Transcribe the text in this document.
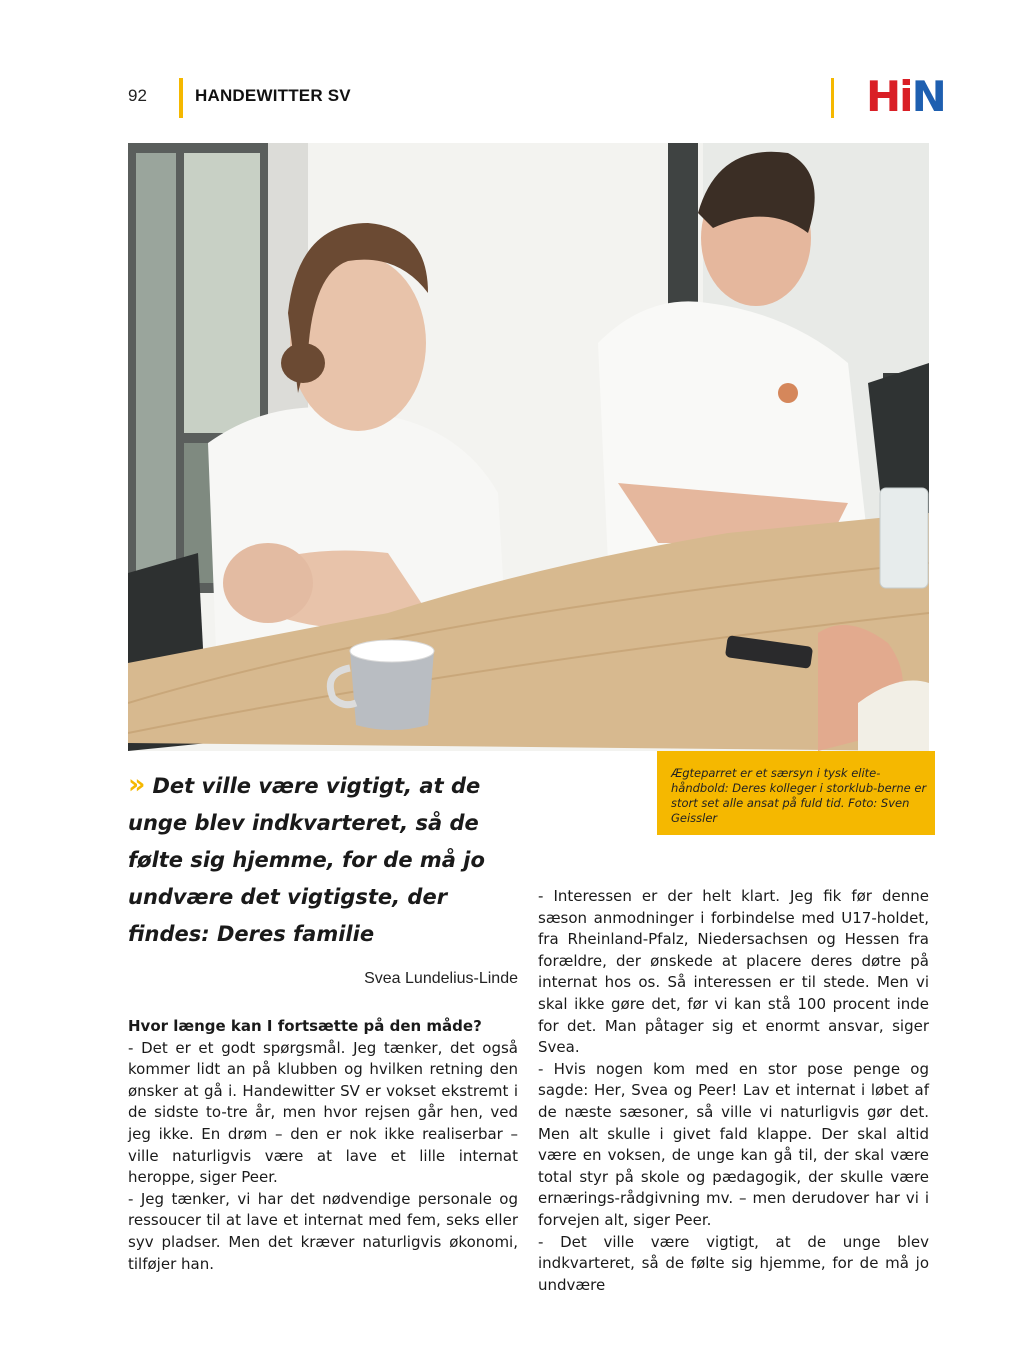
92	HANDEWITTER SV	HiN
Ægteparret er et særsyn i tysk elite-håndbold: Deres kolleger i storklub-berne er stort set alle ansat på fuld tid. Foto: Sven Geissler
» Det ville være vigtigt, at de unge blev indkvarteret, så de følte sig hjemme, for de må jo undvære det vigtigste, der findes: Deres familie
Svea Lundelius-Linde

Hvor længe kan I fortsætte på den måde?

- Det er et godt spørgsmål. Jeg tænker, det også kommer lidt an på klubben og hvilken retning den ønsker at gå i. Handewitter SV er vokset ekstremt i de sidste to-tre år, men hvor rejsen går hen, ved jeg ikke. En drøm – den er nok ikke realiserbar – ville naturligvis være at lave et lille internat heroppe, siger Peer.

- Jeg tænker, vi har det nødvendige personale og ressoucer til at lave et internat med fem, seks eller syv pladser. Men det kræver naturligvis økonomi, tilføjer han.

- Interessen er der helt klart. Jeg fik før denne sæson anmodninger i forbindelse med U17-holdet, fra Rheinland-Pfalz, Niedersachsen og Hessen fra forældre, der ønskede at placere deres døtre på internat hos os. Så interessen er til stede. Men vi skal ikke gøre det, før vi kan stå 100 procent inde for det. Man påtager sig et enormt ansvar, siger Svea.

- Hvis nogen kom med en stor pose penge og sagde: Her, Svea og Peer! Lav et internat i løbet af de næste sæsoner, så ville vi naturligvis gør det. Men alt skulle i givet fald klappe. Der skal altid være en voksen, de unge kan gå til, der skal være total styr på skole og pædagogik, der skulle være ernærings-rådgivning mv. – men derudover har vi i forvejen alt, siger Peer.

- Det ville være vigtigt, at de unge blev indkvarteret, så de følte sig hjemme, for de må jo undvære
